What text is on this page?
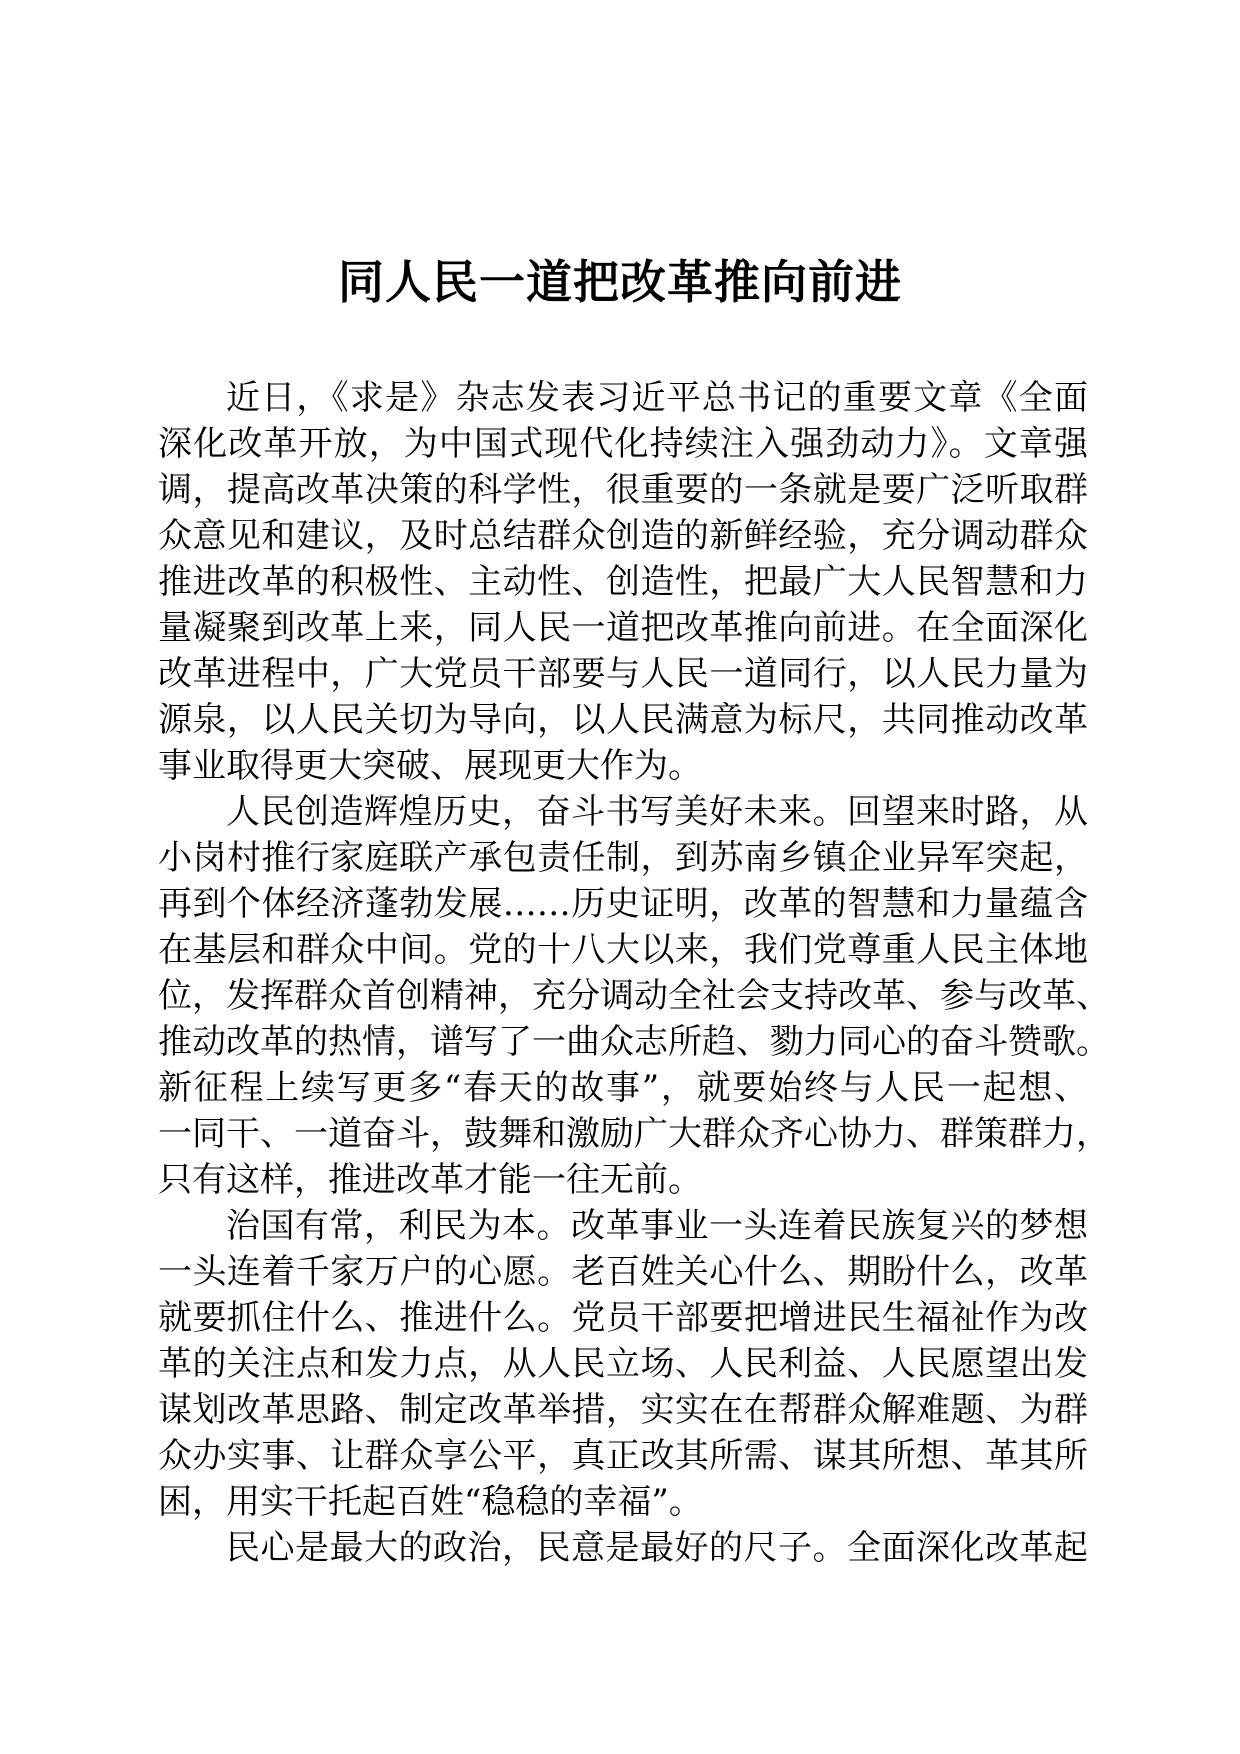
同人民一道把改革推向前进
近日，《求是》杂志发表习近平总书记的重要文章《全面
深化改革开放，为中国式现代化持续注入强劲动力》。文章强
调，提高改革决策的科学性，很重要的一条就是要广泛听取群
众意见和建议，及时总结群众创造的新鲜经验，充分调动群众
推进改革的积极性、主动性、创造性，把最广大人民智慧和力
量凝聚到改革上来，同人民一道把改革推向前进。在全面深化
改革进程中，广大党员干部要与人民一道同行，以人民力量为
源泉，以人民关切为导向，以人民满意为标尺，共同推动改革
事业取得更大突破、展现更大作为。
人民创造辉煌历史，奋斗书写美好未来。回望来时路，从
小岗村推行家庭联产承包责任制，到苏南乡镇企业异军突起，
再到个体经济蓬勃发展……历史证明，改革的智慧和力量蕴含
在基层和群众中间。党的十八大以来，我们党尊重人民主体地
位，发挥群众首创精神，充分调动全社会支持改革、参与改革、
推动改革的热情，谱写了一曲众志所趋、勠力同心的奋斗赞歌。
新征程上续写更多“春天的故事”，就要始终与人民一起想、
一同干、一道奋斗，鼓舞和激励广大群众齐心协力、群策群力，
只有这样，推进改革才能一往无前。
治国有常，利民为本。改革事业一头连着民族复兴的梦想
一头连着千家万户的心愿。老百姓关心什么、期盼什么，改革
就要抓住什么、推进什么。党员干部要把增进民生福祉作为改
革的关注点和发力点，从人民立场、人民利益、人民愿望出发
谋划改革思路、制定改革举措，实实在在帮群众解难题、为群
众办实事、让群众享公平，真正改其所需、谋其所想、革其所
困，用实干托起百姓“稳稳的幸福”。
民心是最大的政治，民意是最好的尺子。全面深化改革起
